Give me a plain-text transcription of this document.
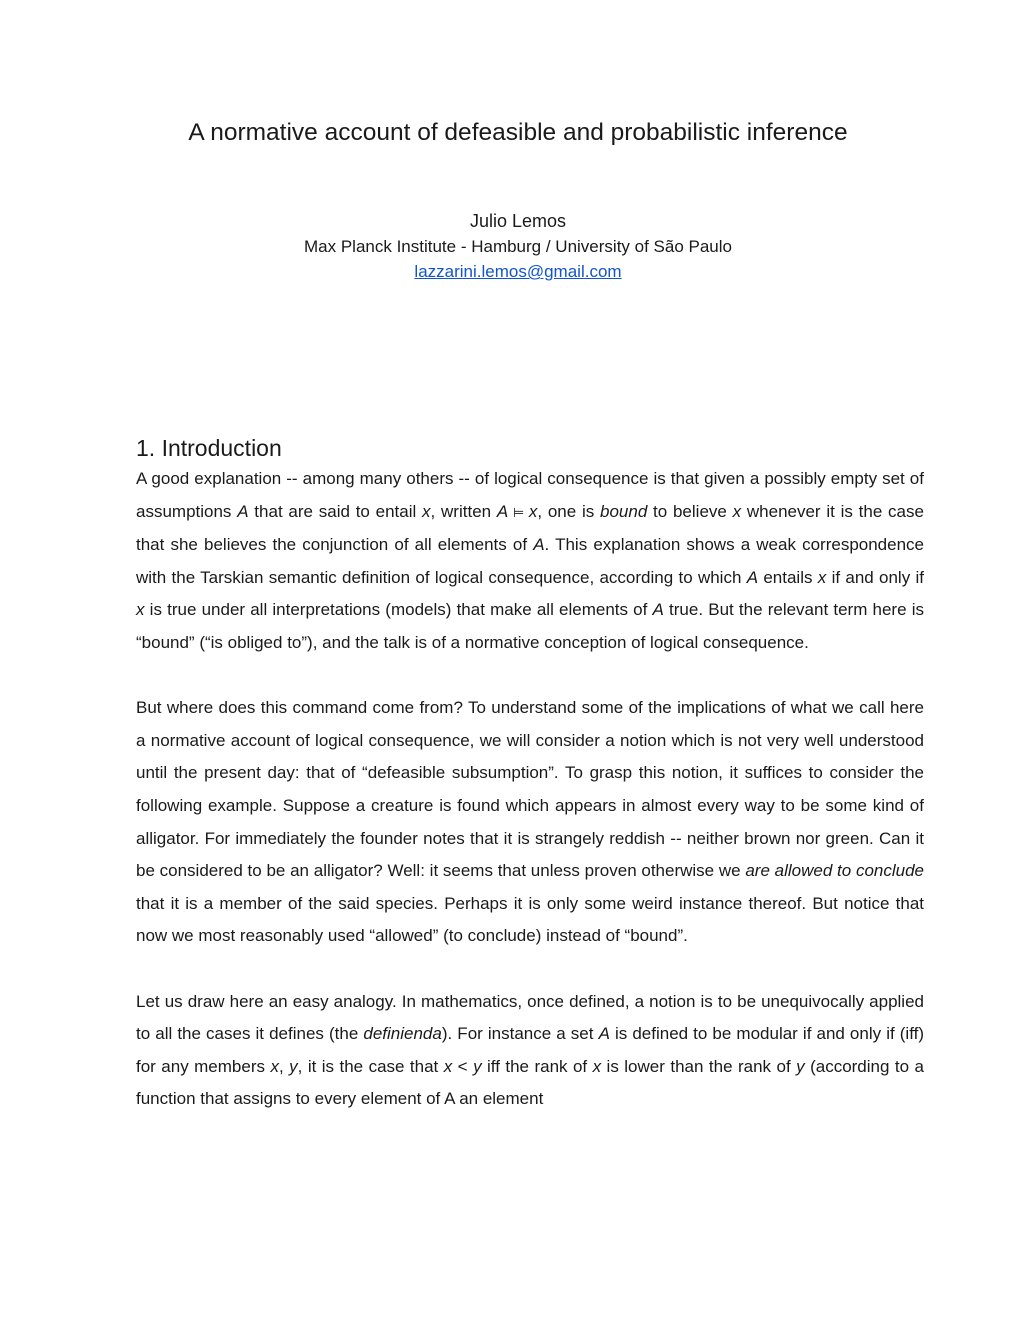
A normative account of defeasible and probabilistic inference
Julio Lemos
Max Planck Institute - Hamburg / University of São Paulo
lazzarini.lemos@gmail.com
1. Introduction

A good explanation -- among many others -- of logical consequence is that given a possibly empty set of assumptions A that are said to entail x, written A ⊨ x, one is bound to believe x whenever it is the case that she believes the conjunction of all elements of A. This explanation shows a weak correspondence with the Tarskian semantic definition of logical consequence, according to which A entails x if and only if x is true under all interpretations (models) that make all elements of A true. But the relevant term here is “bound” (“is obliged to”), and the talk is of a normative conception of logical consequence.

But where does this command come from? To understand some of the implications of what we call here a normative account of logical consequence, we will consider a notion which is not very well understood until the present day: that of “defeasible subsumption”. To grasp this notion, it suffices to consider the following example. Suppose a creature is found which appears in almost every way to be some kind of alligator. For immediately the founder notes that it is strangely reddish -- neither brown nor green. Can it be considered to be an alligator? Well: it seems that unless proven otherwise we are allowed to conclude that it is a member of the said species. Perhaps it is only some weird instance thereof. But notice that now we most reasonably used “allowed” (to conclude) instead of “bound”.

Let us draw here an easy analogy. In mathematics, once defined, a notion is to be unequivocally applied to all the cases it defines (the definienda). For instance a set A is defined to be modular if and only if (iff) for any members x, y, it is the case that x < y iff the rank of x is lower than the rank of y (according to a function that assigns to every element of A an element
